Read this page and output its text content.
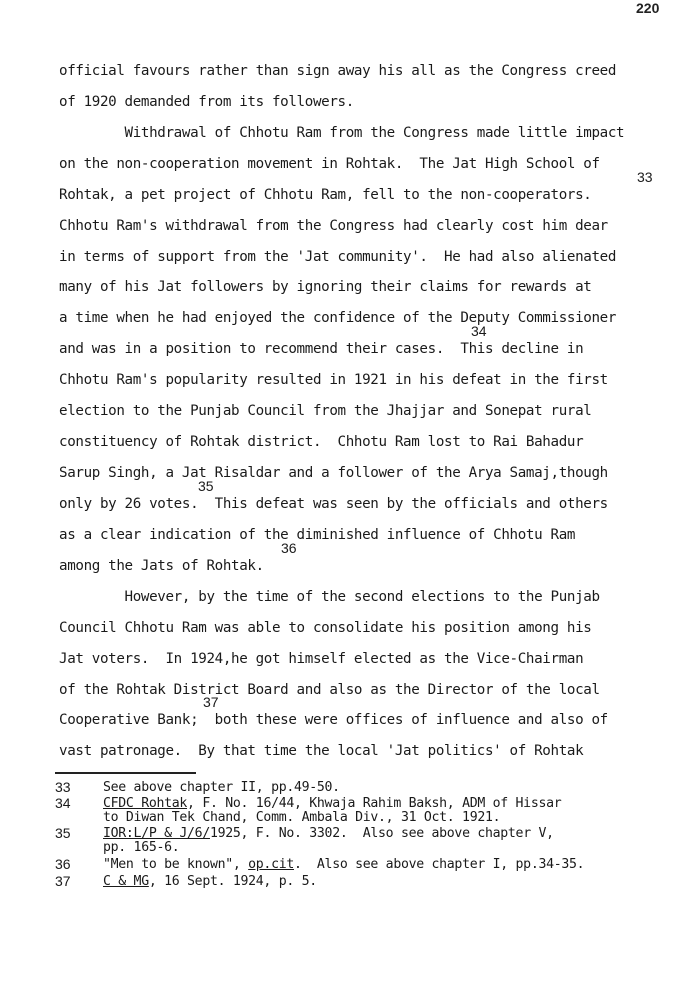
220
official favours rather than sign away his all as the Congress creed
of 1920 demanded from its followers.
Withdrawal of Chhotu Ram from the Congress made little impact
on the non-cooperation movement in Rohtak.  The Jat High School of
Rohtak, a pet project of Chhotu Ram, fell to the non-cooperators.
Chhotu Ram's withdrawal from the Congress had clearly cost him dear
in terms of support from the 'Jat community'.  He had also alienated
many of his Jat followers by ignoring their claims for rewards at
a time when he had enjoyed the confidence of the Deputy Commissioner
and was in a position to recommend their cases.  This decline in
Chhotu Ram's popularity resulted in 1921 in his defeat in the first
election to the Punjab Council from the Jhajjar and Sonepat rural
constituency of Rohtak district.  Chhotu Ram lost to Rai Bahadur
Sarup Singh, a Jat Risaldar and a follower of the Arya Samaj,though
only by 26 votes.  This defeat was seen by the officials and others
as a clear indication of the diminished influence of Chhotu Ram
among the Jats of Rohtak.
However, by the time of the second elections to the Punjab
Council Chhotu Ram was able to consolidate his position among his
Jat voters.  In 1924,he got himself elected as the Vice-Chairman
of the Rohtak District Board and also as the Director of the local
Cooperative Bank;  both these were offices of influence and also of
vast patronage.  By that time the local 'Jat politics' of Rohtak
33
34
35
36
37
33 See above chapter II, pp.49-50.
34 CFDC Rohtak, F. No. 16/44, Khwaja Rahim Baksh, ADM of Hissar
to Diwan Tek Chand, Comm. Ambala Div., 31 Oct. 1921.
35 IOR:L/P & J/6/1925, F. No. 3302.  Also see above chapter V,
pp. 165-6.
36 "Men to be known", op.cit.  Also see above chapter I, pp.34-35.
37 C & MG, 16 Sept. 1924, p. 5.
